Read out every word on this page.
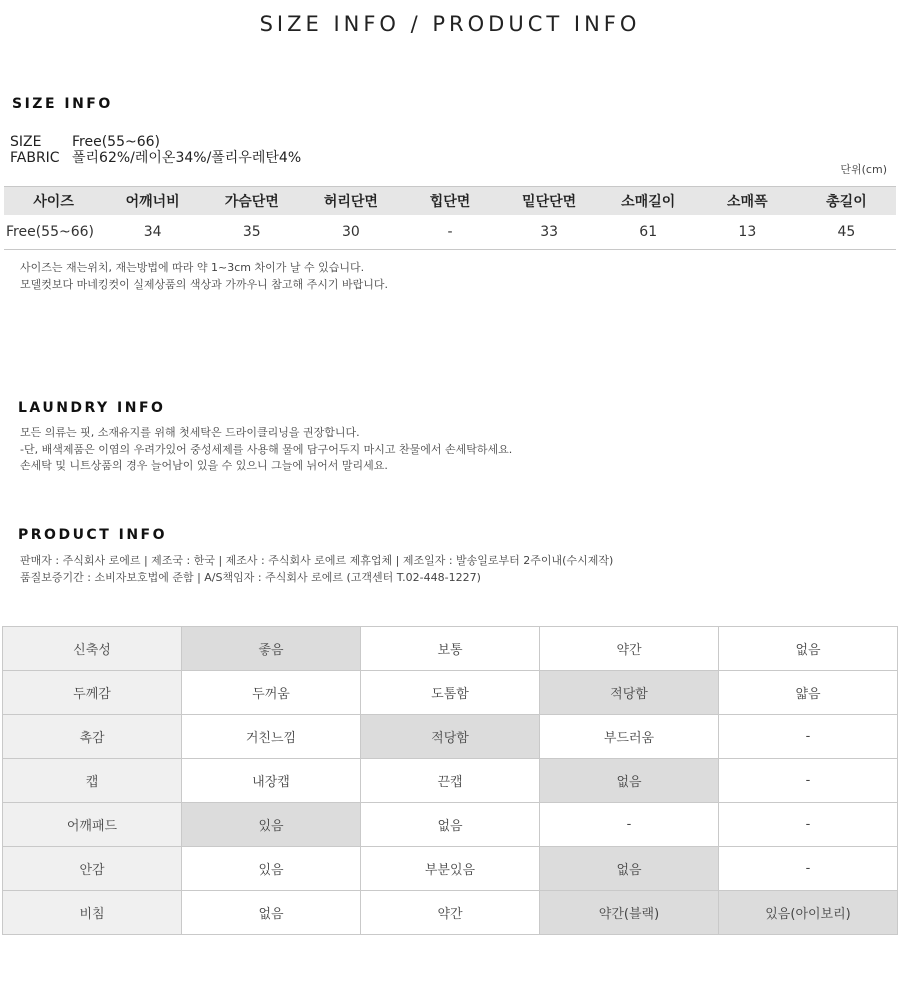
SIZE INFO / PRODUCT INFO
SIZE INFO
SIZE Free(55~66)
FABRIC 폴리62%/레이온34%/폴리우레탄4%
단위(cm)
사이즈	어깨너비	가슴단면	허리단면	힙단면	밑단단면	소매길이	소매폭	총길이
Free(55~66)	34	35	30	-	33	61	13	45
사이즈는 재는위치, 재는방법에 따라 약 1~3cm 차이가 날 수 있습니다.
모델컷보다 마네킹컷이 실제상품의 색상과 가까우니 참고해 주시기 바랍니다.
LAUNDRY INFO
모든 의류는 핏, 소재유지를 위해 첫세탁은 드라이클리닝을 권장합니다.
-단, 배색제품은 이염의 우려가있어 중성세제를 사용해 물에 담구어두지 마시고 찬물에서 손세탁하세요.
손세탁 및 니트상품의 경우 늘어남이 있을 수 있으니 그늘에 뉘어서 말리세요.
PRODUCT INFO
판매자 : 주식회사 로에르 | 제조국 : 한국 | 제조사 : 주식회사 로에르 제휴업체 | 제조일자 : 발송일로부터 2주이내(수시제작)
품질보증기간 : 소비자보호법에 준함 | A/S책임자 : 주식회사 로에르 (고객센터 T.02-448-1227)
신축성	좋음	보통	약간	없음
두께감	두꺼움	도톰함	적당함	얇음
촉감	거친느낌	적당함	부드러움	-
캡	내장캡	끈캡	없음	-
어깨패드	있음	없음	-	-
안감	있음	부분있음	없음	-
비침	없음	약간	약간(블랙)	있음(아이보리)
